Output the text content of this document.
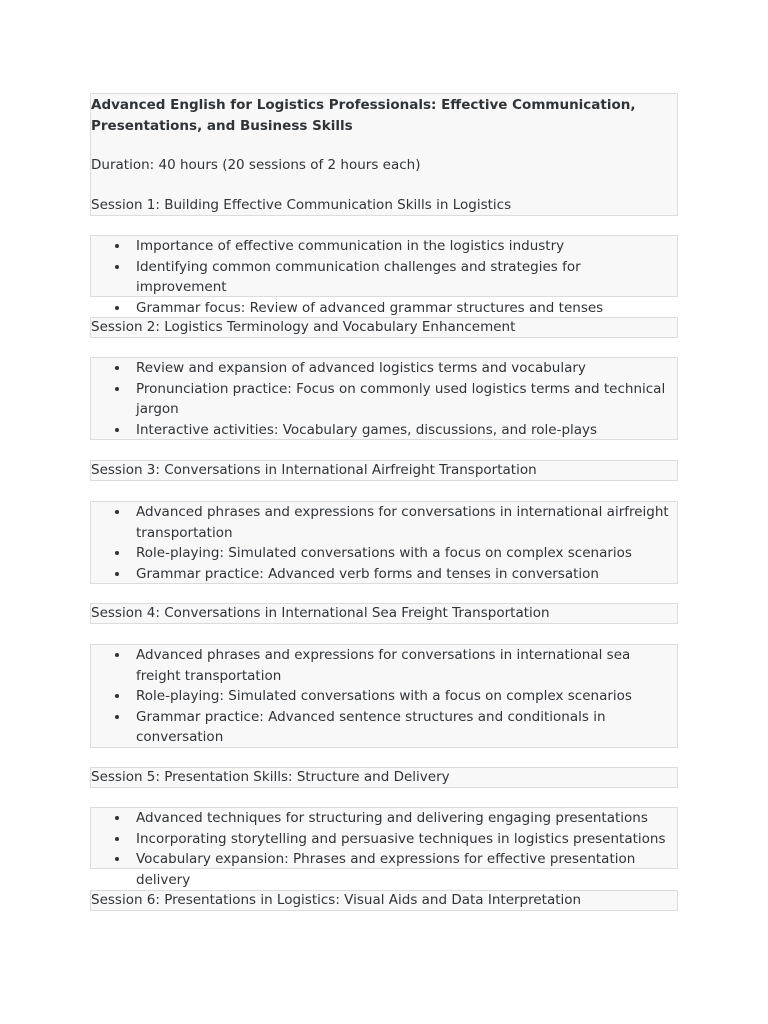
Advanced English for Logistics Professionals: Effective Communication, Presentations, and Business Skills
Duration: 40 hours (20 sessions of 2 hours each)
Session 1: Building Effective Communication Skills in Logistics
Importance of effective communication in the logistics industry
Identifying common communication challenges and strategies for improvement
Grammar focus: Review of advanced grammar structures and tenses
Session 2: Logistics Terminology and Vocabulary Enhancement
Review and expansion of advanced logistics terms and vocabulary
Pronunciation practice: Focus on commonly used logistics terms and technical jargon
Interactive activities: Vocabulary games, discussions, and role-plays
Session 3: Conversations in International Airfreight Transportation
Advanced phrases and expressions for conversations in international airfreight transportation
Role-playing: Simulated conversations with a focus on complex scenarios
Grammar practice: Advanced verb forms and tenses in conversation
Session 4: Conversations in International Sea Freight Transportation
Advanced phrases and expressions for conversations in international sea freight transportation
Role-playing: Simulated conversations with a focus on complex scenarios
Grammar practice: Advanced sentence structures and conditionals in conversation
Session 5: Presentation Skills: Structure and Delivery
Advanced techniques for structuring and delivering engaging presentations
Incorporating storytelling and persuasive techniques in logistics presentations
Vocabulary expansion: Phrases and expressions for effective presentation delivery
Session 6: Presentations in Logistics: Visual Aids and Data Interpretation
